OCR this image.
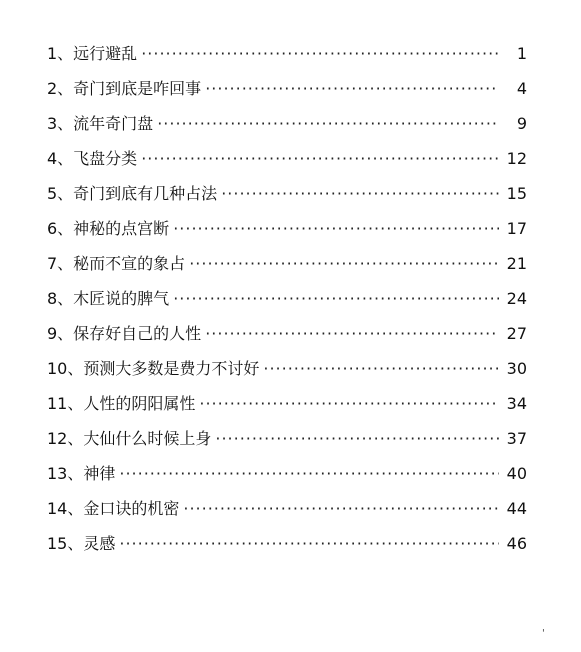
1、远行避乱 ·····	1
2、奇门到底是咋回事 ·····	4
3、流年奇门盘 ·····	9
4、飞盘分类 ·····	12
5、奇门到底有几种占法 ·····	15
6、神秘的点宫断 ·····	17
7、秘而不宣的象占 ·····	21
8、木匠说的脾气 ·····	24
9、保存好自己的人性 ·····	27
10、预测大多数是费力不讨好 ·····	30
11、人性的阴阳属性 ·····	34
12、大仙什么时候上身 ·····	37
13、神律 ·····	40
14、金口诀的机密 ·····	44
15、灵感 ·····	46
'
